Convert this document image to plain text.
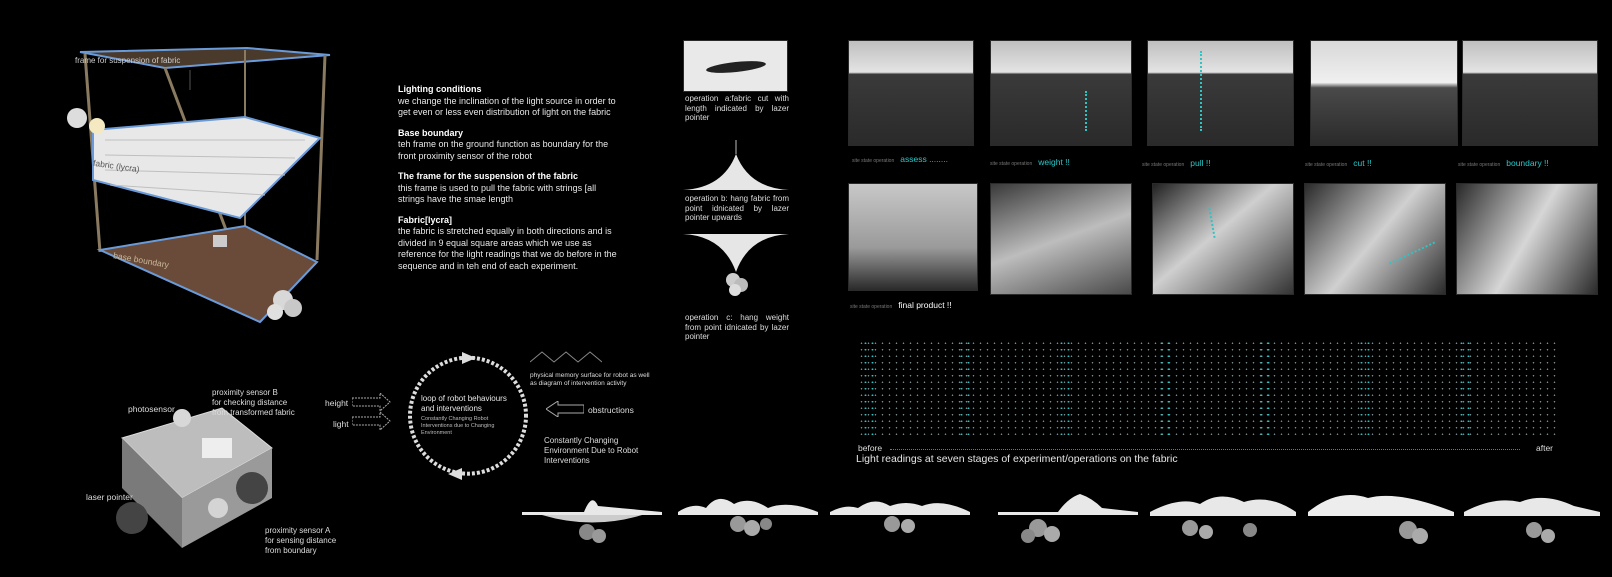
frame for suspension of fabric
fabric (lycra)
base boundary
Lighting conditions
we change the inclination of the light source in order to get even or less even distribution of light on the fabric
Base boundary
teh frame on the ground function as boundary for the front proximity sensor of the robot
The frame for the suspension of the fabric
this frame is used to pull the fabric with strings [all strings have the smae length
Fabric[lycra]
the fabric is stretched equally in both directions and is divided in 9 equal square areas which we use as reference for the light readings that we do before in the sequence and in teh end of each experiment.
operation a:fabric cut with length indicated by lazer pointer
operation b: hang fabric from point idnicated by lazer pointer upwards
operation c: hang weight from point idnicated by lazer pointer
site state operation assess ........	site state operation weight !!	site state operation pull !!	site state operation cut !!	site state operation boundary !!
site state operation final product !!
before	after
Light readings at seven stages of experiment/operations on the fabric
photosensor
proximity sensor B
for checking distance
from transformed fabric
laser pointer
proximity sensor A
for sensing distance
from boundary
height
light
loop of robot behaviours and interventions
Constantly Changing Robot Interventions due to Changing Environment
physical memory surface for robot as well as diagram of intervention activity
obstructions
Constantly Changing Environment Due to Robot Interventions
